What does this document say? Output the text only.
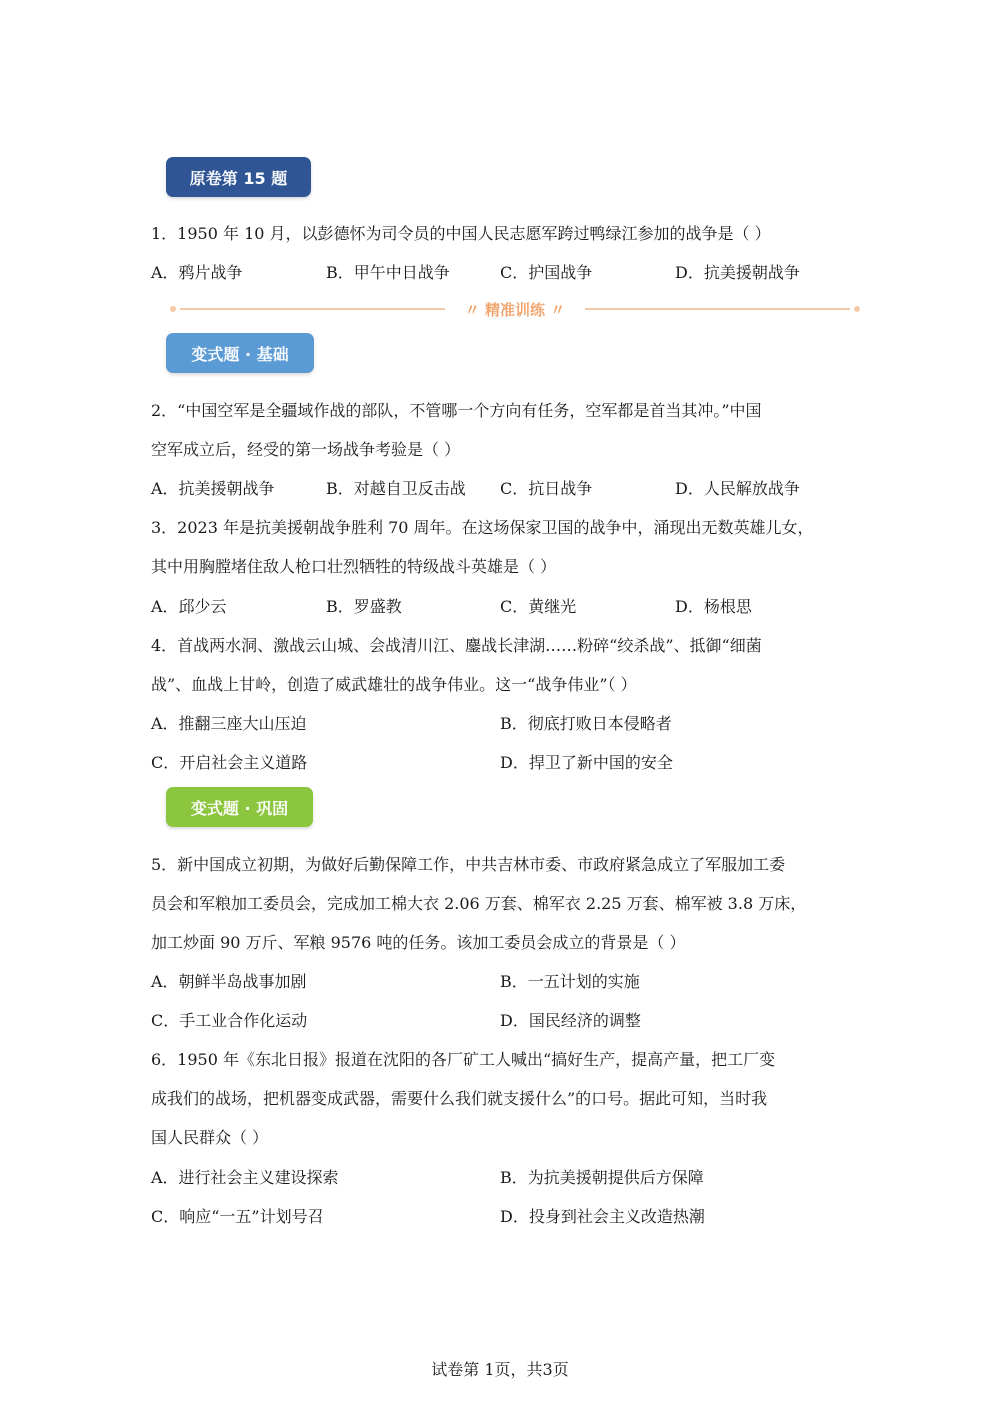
原卷第 15 题
1．1950 年 10 月，以彭德怀为司令员的中国人民志愿军跨过鸭绿江参加的战争是（ ）
A．鸦片战争	B．甲午中日战争	C．护国战争	D．抗美援朝战争
〃 精准训练 〃
变式题 · 基础
2．“中国空军是全疆域作战的部队，不管哪一个方向有任务，空军都是首当其冲。”中国
空军成立后，经受的第一场战争考验是（ ）
A．抗美援朝战争	B．对越自卫反击战 C．抗日战争	D．人民解放战争
3．2023 年是抗美援朝战争胜利 70 周年。在这场保家卫国的战争中，涌现出无数英雄儿女，
其中用胸膛堵住敌人枪口壮烈牺牲的特级战斗英雄是（ ）
A．邱少云	B．罗盛教	C．黄继光	D．杨根思
4．首战两水洞、激战云山城、会战清川江、鏖战长津湖……粉碎“绞杀战”、抵御“细菌
战”、血战上甘岭，创造了威武雄壮的战争伟业。这一“战争伟业”（ ）
A．推翻三座大山压迫	B．彻底打败日本侵略者
C．开启社会主义道路	D．捍卫了新中国的安全
变式题 · 巩固
5．新中国成立初期，为做好后勤保障工作，中共吉林市委、市政府紧急成立了军服加工委
员会和军粮加工委员会，完成加工棉大衣 2.06 万套、棉军衣 2.25 万套、棉军被 3.8 万床，
加工炒面 90 万斤、军粮 9576 吨的任务。该加工委员会成立的背景是（ ）
A．朝鲜半岛战事加剧	B．一五计划的实施
C．手工业合作化运动	D．国民经济的调整
6．1950 年《东北日报》报道在沈阳的各厂矿工人喊出“搞好生产，提高产量，把工厂变
成我们的战场，把机器变成武器，需要什么我们就支援什么”的口号。据此可知，当时我
国人民群众（ ）
A．进行社会主义建设探索	B．为抗美援朝提供后方保障
C．响应“一五”计划号召	D．投身到社会主义改造热潮
试卷第 1页，共3页
